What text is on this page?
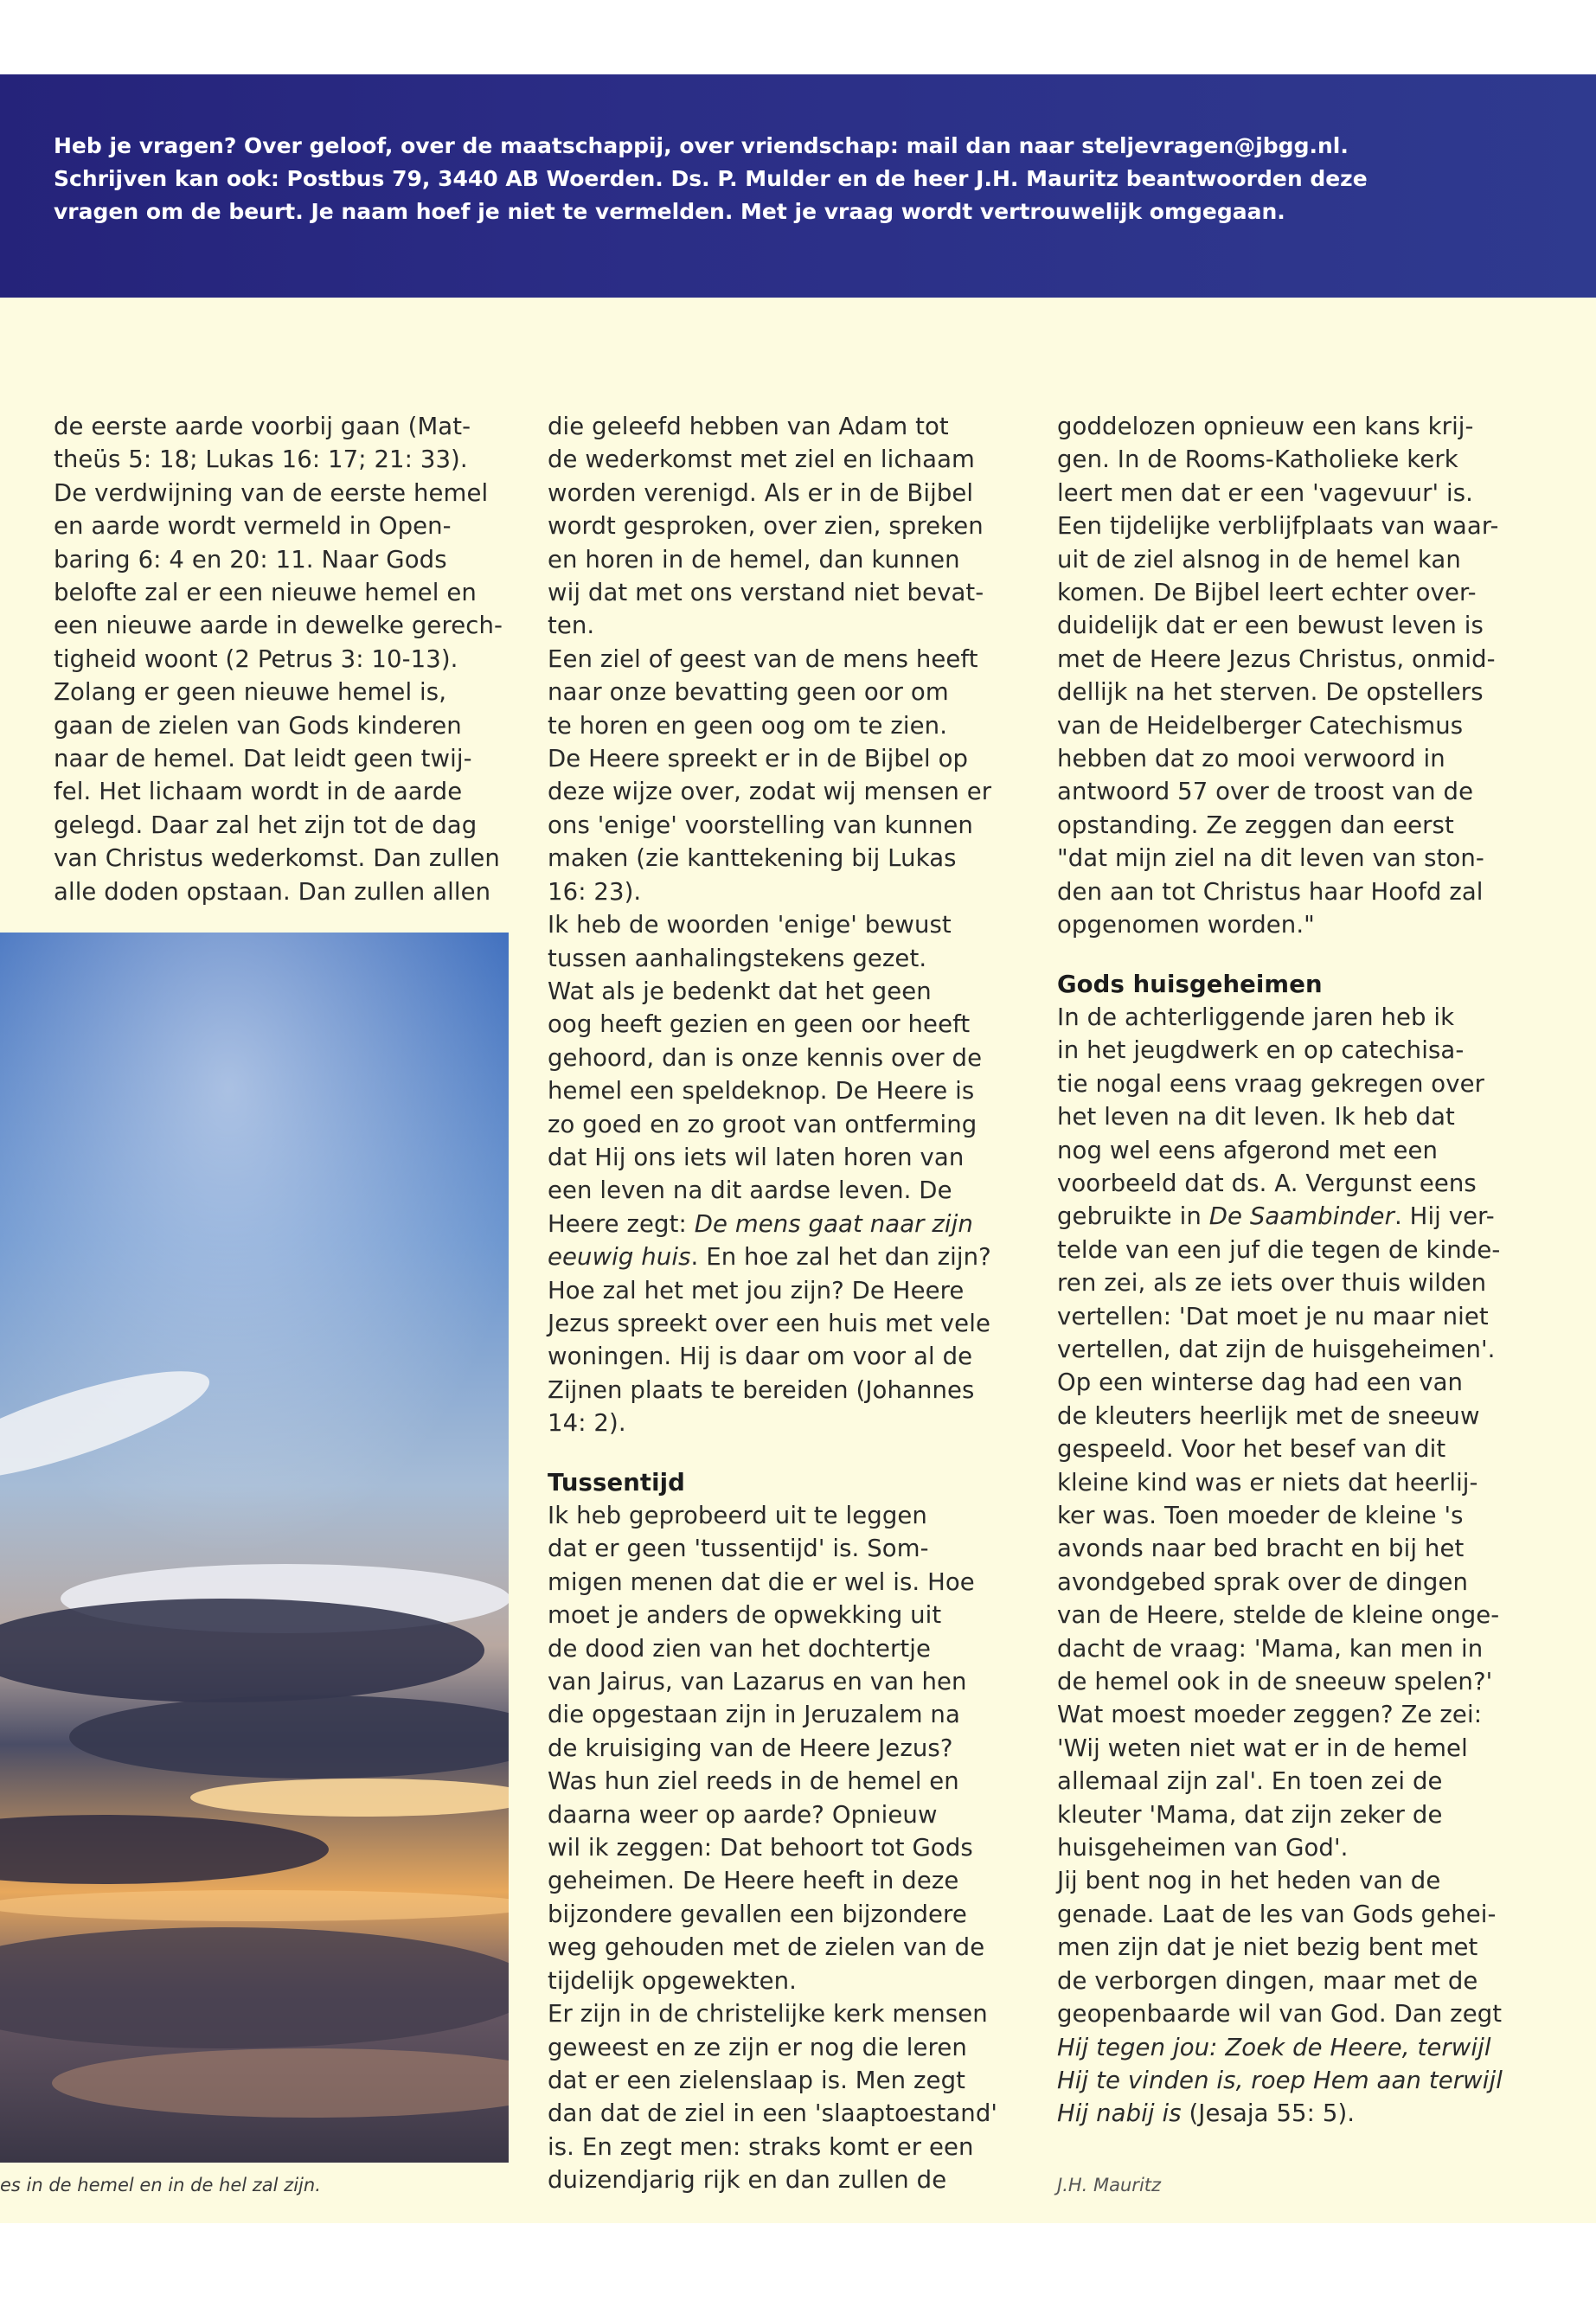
Heb je vragen? Over geloof, over de maatschappij, over vriendschap: mail dan naar steljevragen@jbgg.nl.
Schrijven kan ook: Postbus 79, 3440 AB Woerden. Ds. P. Mulder en de heer J.H. Mauritz beantwoorden deze
vragen om de beurt. Je naam hoef je niet te vermelden. Met je vraag wordt vertrouwelijk omgegaan.

de eerste aarde voorbij gaan (Mat-

theüs 5: 18; Lukas 16: 17; 21: 33).

De verdwijning van de eerste hemel

en aarde wordt vermeld in Open-

baring 6: 4 en 20: 11. Naar Gods

belofte zal er een nieuwe hemel en

een nieuwe aarde in dewelke gerech-

tigheid woont (2 Petrus 3: 10-13).

Zolang er geen nieuwe hemel is,

gaan de zielen van Gods kinderen

naar de hemel. Dat leidt geen twij-

fel. Het lichaam wordt in de aarde

gelegd. Daar zal het zijn tot de dag

van Christus wederkomst. Dan zullen

alle doden opstaan. Dan zullen allen

es in de hemel en in de hel zal zijn.

die geleefd hebben van Adam tot

de wederkomst met ziel en lichaam

worden verenigd. Als er in de Bijbel

wordt gesproken, over zien, spreken

en horen in de hemel, dan kunnen

wij dat met ons verstand niet bevat-

ten.

Een ziel of geest van de mens heeft

naar onze bevatting geen oor om

te horen en geen oog om te zien.

De Heere spreekt er in de Bijbel op

deze wijze over, zodat wij mensen er

ons 'enige' voorstelling van kunnen

maken (zie kanttekening bij Lukas

16: 23).

Ik heb de woorden 'enige' bewust

tussen aanhalingstekens gezet.

Wat als je bedenkt dat het geen

oog heeft gezien en geen oor heeft

gehoord, dan is onze kennis over de

hemel een speldeknop. De Heere is

zo goed en zo groot van ontferming

dat Hij ons iets wil laten horen van

een leven na dit aardse leven. De

Heere zegt: De mens gaat naar zijn

eeuwig huis. En hoe zal het dan zijn?

Hoe zal het met jou zijn? De Heere

Jezus spreekt over een huis met vele

woningen. Hij is daar om voor al de

Zijnen plaats te bereiden (Johannes

14: 2).

Tussentijd

Ik heb geprobeerd uit te leggen

dat er geen 'tussentijd' is. Som-

migen menen dat die er wel is. Hoe

moet je anders de opwekking uit

de dood zien van het dochtertje

van Jairus, van Lazarus en van hen

die opgestaan zijn in Jeruzalem na

de kruisiging van de Heere Jezus?

Was hun ziel reeds in de hemel en

daarna weer op aarde? Opnieuw

wil ik zeggen: Dat behoort tot Gods

geheimen. De Heere heeft in deze

bijzondere gevallen een bijzondere

weg gehouden met de zielen van de

tijdelijk opgewekten.

Er zijn in de christelijke kerk mensen

geweest en ze zijn er nog die leren

dat er een zielenslaap is. Men zegt

dan dat de ziel in een 'slaaptoestand'

is. En zegt men: straks komt er een

duizendjarig rijk en dan zullen de

goddelozen opnieuw een kans krij-

gen. In de Rooms-Katholieke kerk

leert men dat er een 'vagevuur' is.

Een tijdelijke verblijfplaats van waar-

uit de ziel alsnog in de hemel kan

komen. De Bijbel leert echter over-

duidelijk dat er een bewust leven is

met de Heere Jezus Christus, onmid-

dellijk na het sterven. De opstellers

van de Heidelberger Catechismus

hebben dat zo mooi verwoord in

antwoord 57 over de troost van de

opstanding. Ze zeggen dan eerst

"dat mijn ziel na dit leven van ston-

den aan tot Christus haar Hoofd zal

opgenomen worden."

Gods huisgeheimen

In de achterliggende jaren heb ik

in het jeugdwerk en op catechisa-

tie nogal eens vraag gekregen over

het leven na dit leven. Ik heb dat

nog wel eens afgerond met een

voorbeeld dat ds. A. Vergunst eens

gebruikte in De Saambinder. Hij ver-

telde van een juf die tegen de kinde-

ren zei, als ze iets over thuis wilden

vertellen: 'Dat moet je nu maar niet

vertellen, dat zijn de huisgeheimen'.

Op een winterse dag had een van

de kleuters heerlijk met de sneeuw

gespeeld. Voor het besef van dit

kleine kind was er niets dat heerlij-

ker was. Toen moeder de kleine 's

avonds naar bed bracht en bij het

avondgebed sprak over de dingen

van de Heere, stelde de kleine onge-

dacht de vraag: 'Mama, kan men in

de hemel ook in de sneeuw spelen?'

Wat moest moeder zeggen? Ze zei:

'Wij weten niet wat er in de hemel

allemaal zijn zal'. En toen zei de

kleuter 'Mama, dat zijn zeker de

huisgeheimen van God'.

Jij bent nog in het heden van de

genade. Laat de les van Gods gehei-

men zijn dat je niet bezig bent met

de verborgen dingen, maar met de

geopenbaarde wil van God. Dan zegt

Hij tegen jou: Zoek de Heere, terwijl

Hij te vinden is, roep Hem aan terwijl

Hij nabij is (Jesaja 55: 5).

J.H. Mauritz
